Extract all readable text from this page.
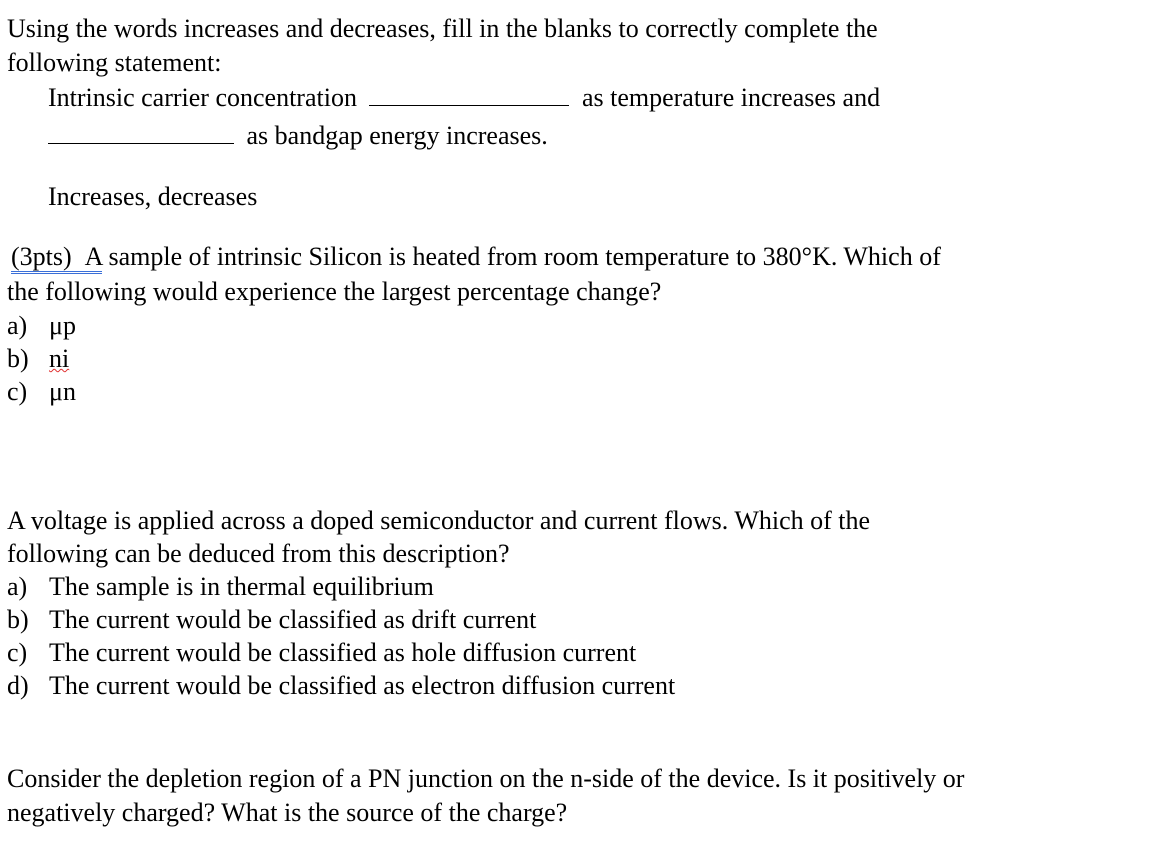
Using the words increases and decreases, fill in the blanks to correctly complete the
following statement:
Intrinsic carrier concentration	as temperature increases and
as bandgap energy increases.
Increases, decreases
(3pts) A sample of intrinsic Silicon is heated from room temperature to 380°K. Which of
the following would experience the largest percentage change?
a) μp
b) ni
c) μn
A voltage is applied across a doped semiconductor and current flows. Which of the
following can be deduced from this description?
a) The sample is in thermal equilibrium
b) The current would be classified as drift current
c) The current would be classified as hole diffusion current
d) The current would be classified as electron diffusion current
Consider the depletion region of a PN junction on the n-side of the device. Is it positively or
negatively charged? What is the source of the charge?
